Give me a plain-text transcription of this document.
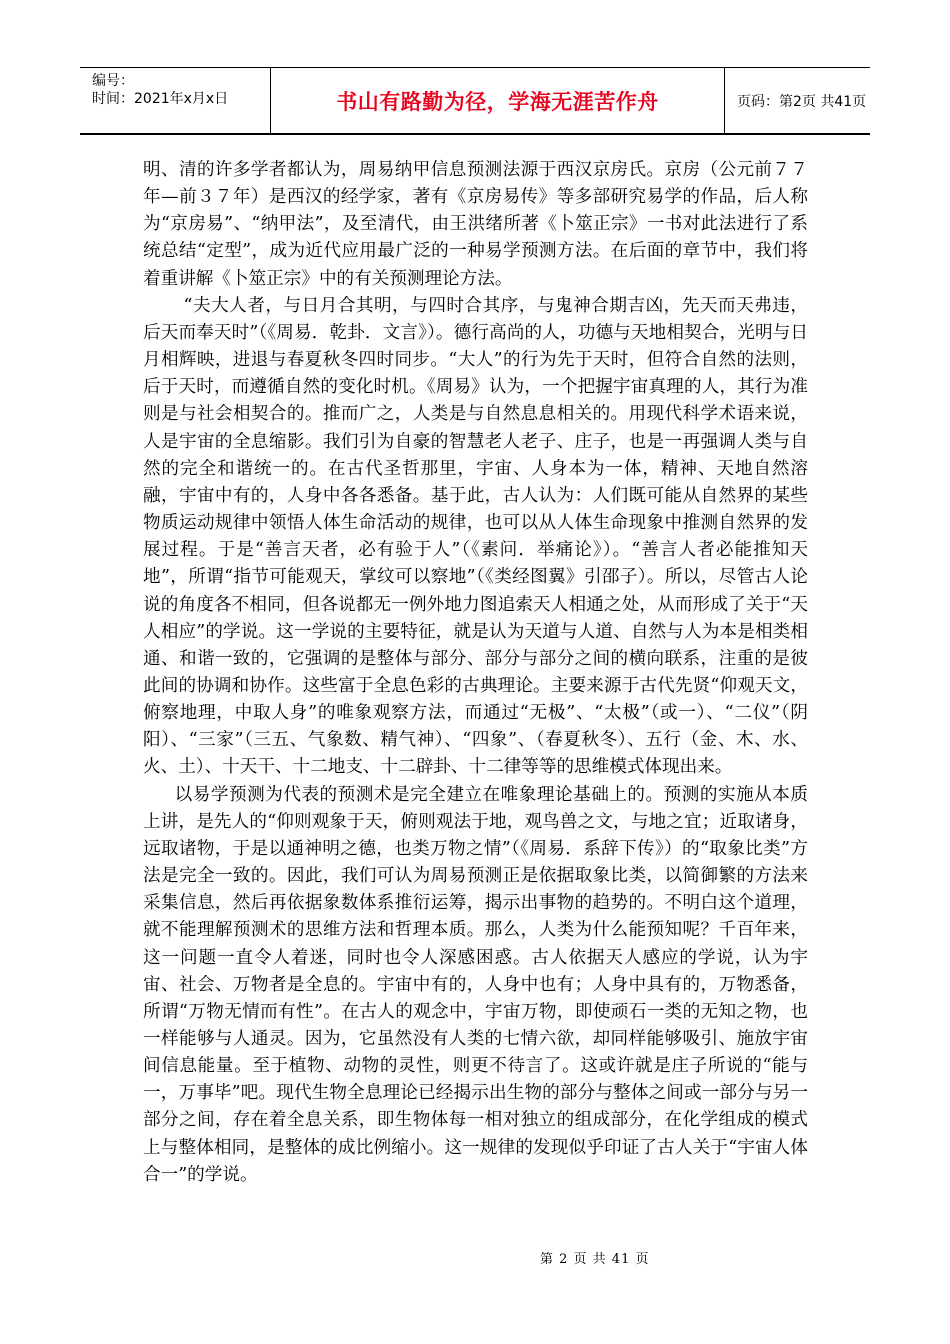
编号：
时间：2021年x月x日	书山有路勤为径，学海无涯苦作舟	页码：第2页 共41页

明、清的许多学者都认为，周易纳甲信息预测法源于西汉京房氏。京房（公元前７７年—前３７年）是西汉的经学家，著有《京房易传》等多部研究易学的作品，后人称为“京房易”、“纳甲法”，及至清代，由王洪绪所著《卜筮正宗》一书对此法进行了系统总结“定型”，成为近代应用最广泛的一种易学预测方法。在后面的章节中，我们将着重讲解《卜筮正宗》中的有关预测理论方法。

“夫大人者，与日月合其明，与四时合其序，与鬼神合期吉凶，先天而天弗违，后天而奉天时”（《周易．乾卦．文言》）。德行高尚的人，功德与天地相契合，光明与日月相辉映，进退与春夏秋冬四时同步。“大人”的行为先于天时，但符合自然的法则，后于天时，而遵循自然的变化时机。《周易》认为，一个把握宇宙真理的人，其行为准则是与社会相契合的。推而广之，人类是与自然息息相关的。用现代科学术语来说，人是宇宙的全息缩影。我们引为自豪的智慧老人老子、庄子，也是一再强调人类与自然的完全和谐统一的。在古代圣哲那里，宇宙、人身本为一体，精神、天地自然溶融，宇宙中有的，人身中各各悉备。基于此，古人认为：人们既可能从自然界的某些物质运动规律中领悟人体生命活动的规律，也可以从人体生命现象中推测自然界的发展过程。于是“善言天者，必有验于人”（《素问．举痛论》）。“善言人者必能推知天地”，所谓“指节可能观天，掌纹可以察地”（《类经图翼》引邵子）。所以，尽管古人论说的角度各不相同，但各说都无一例外地力图追索天人相通之处，从而形成了关于“天人相应”的学说。这一学说的主要特征，就是认为天道与人道、自然与人为本是相类相通、和谐一致的，它强调的是整体与部分、部分与部分之间的横向联系，注重的是彼此间的协调和协作。这些富于全息色彩的古典理论。主要来源于古代先贤“仰观天文，俯察地理，中取人身”的唯象观察方法，而通过“无极”、“太极”（或一）、“二仪”（阴阳）、“三家”（三五、气象数、精气神）、“四象”、（春夏秋冬）、五行（金、木、水、火、土）、十天干、十二地支、十二辟卦、十二律等等的思维模式体现出来。

以易学预测为代表的预测术是完全建立在唯象理论基础上的。预测的实施从本质上讲，是先人的“仰则观象于天，俯则观法于地，观鸟兽之文，与地之宜；近取诸身，远取诸物，于是以通神明之德，也类万物之情”（《周易．系辞下传》）的“取象比类”方法是完全一致的。因此，我们可认为周易预测正是依据取象比类，以简御繁的方法来采集信息，然后再依据象数体系推衍运筹，揭示出事物的趋势的。不明白这个道理，就不能理解预测术的思维方法和哲理本质。那么，人类为什么能预知呢？千百年来，这一问题一直令人着迷，同时也令人深感困惑。古人依据天人感应的学说，认为宇宙、社会、万物者是全息的。宇宙中有的，人身中也有；人身中具有的，万物悉备，所谓“万物无情而有性”。在古人的观念中，宇宙万物，即使顽石一类的无知之物，也一样能够与人通灵。因为，它虽然没有人类的七情六欲，却同样能够吸引、施放宇宙间信息能量。至于植物、动物的灵性，则更不待言了。这或许就是庄子所说的“能与一，万事毕”吧。现代生物全息理论已经揭示出生物的部分与整体之间或一部分与另一部分之间，存在着全息关系，即生物体每一相对独立的组成部分，在化学组成的模式上与整体相同，是整体的成比例缩小。这一规律的发现似乎印证了古人关于“宇宙人体合一”的学说。

第 2 页 共 41 页
